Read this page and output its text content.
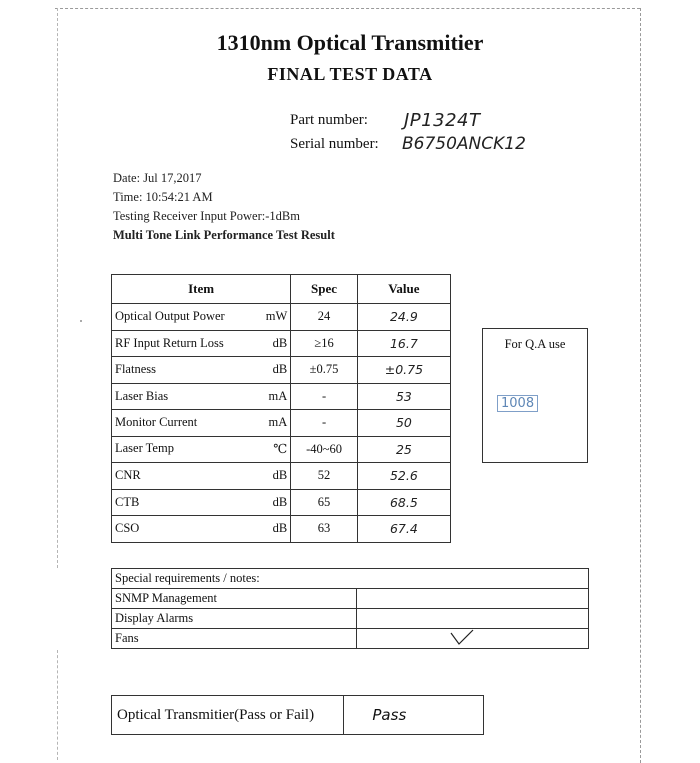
1310nm Optical Transmitier
FINAL TEST DATA
Part number: JP1324T
Serial number: B6750ANCK12
Date: Jul 17,2017
Time: 10:54:21 AM
Testing Receiver Input Power:-1dBm
Multi Tone Link Performance Test Result
Item	Spec	Value

Optical Output Power mW	24	24.9

RF Input Return Loss dB	≥16	16.7

Flatness dB	±0.75	±0.75

Laser Bias mA	-	53

Monitor Current mA	-	50

Laser Temp ℃	-40~60	25

CNR dB	52	52.6

CTB dB	65	68.5

CSO dB	63	67.4
For Q.A use
1008
Special requirements / notes:	
SNMP Management	
Display Alarms	
Fans	
Optical Transmitier(Pass or Fail)	Pass
